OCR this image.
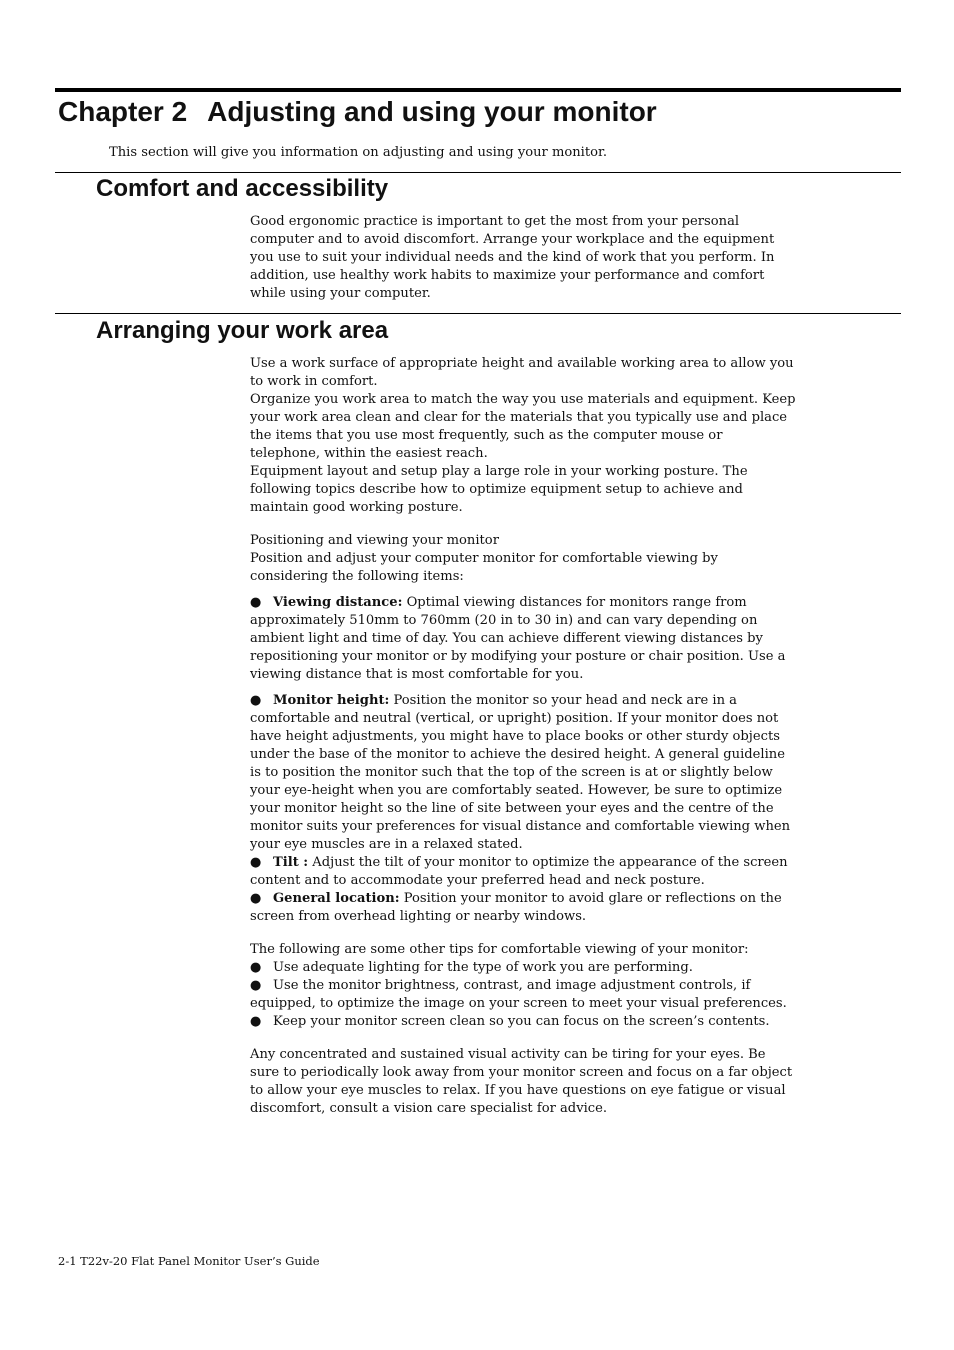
Chapter 2 Adjusting and using your monitor

This section will give you information on adjusting and using your monitor.

Comfort and accessibility

Good ergonomic practice is important to get the most from your personal computer and to avoid discomfort. Arrange your workplace and the equipment you use to suit your individual needs and the kind of work that you perform. In addition, use healthy work habits to maximize your performance and comfort while using your computer.

Arranging your work area

Use a work surface of appropriate height and available working area to allow you to work in comfort.

Organize you work area to match the way you use materials and equipment. Keep your work area clean and clear for the materials that you typically use and place the items that you use most frequently, such as the computer mouse or telephone, within the easiest reach.

Equipment layout and setup play a large role in your working posture. The following topics describe how to optimize equipment setup to achieve and maintain good working posture.

Positioning and viewing your monitor

Position and adjust your computer monitor for comfortable viewing by considering the following items:

● Viewing distance: Optimal viewing distances for monitors range from approximately 510mm to 760mm (20 in to 30 in) and can vary depending on ambient light and time of day. You can achieve different viewing distances by repositioning your monitor or by modifying your posture or chair position. Use a viewing distance that is most comfortable for you.

● Monitor height: Position the monitor so your head and neck are in a comfortable and neutral (vertical, or upright) position. If your monitor does not have height adjustments, you might have to place books or other sturdy objects under the base of the monitor to achieve the desired height. A general guideline is to position the monitor such that the top of the screen is at or slightly below your eye-height when you are comfortably seated. However, be sure to optimize your monitor height so the line of site between your eyes and the centre of the monitor suits your preferences for visual distance and comfortable viewing when your eye muscles are in a relaxed stated.

● Tilt : Adjust the tilt of your monitor to optimize the appearance of the screen content and to accommodate your preferred head and neck posture.

● General location: Position your monitor to avoid glare or reflections on the screen from overhead lighting or nearby windows.

The following are some other tips for comfortable viewing of your monitor:

● Use adequate lighting for the type of work you are performing.

● Use the monitor brightness, contrast, and image adjustment controls, if equipped, to optimize the image on your screen to meet your visual preferences.

● Keep your monitor screen clean so you can focus on the screen’s contents.

Any concentrated and sustained visual activity can be tiring for your eyes. Be sure to periodically look away from your monitor screen and focus on a far object to allow your eye muscles to relax. If you have questions on eye fatigue or visual discomfort, consult a vision care specialist for advice.

2-1 T22v-20 Flat Panel Monitor User’s Guide
